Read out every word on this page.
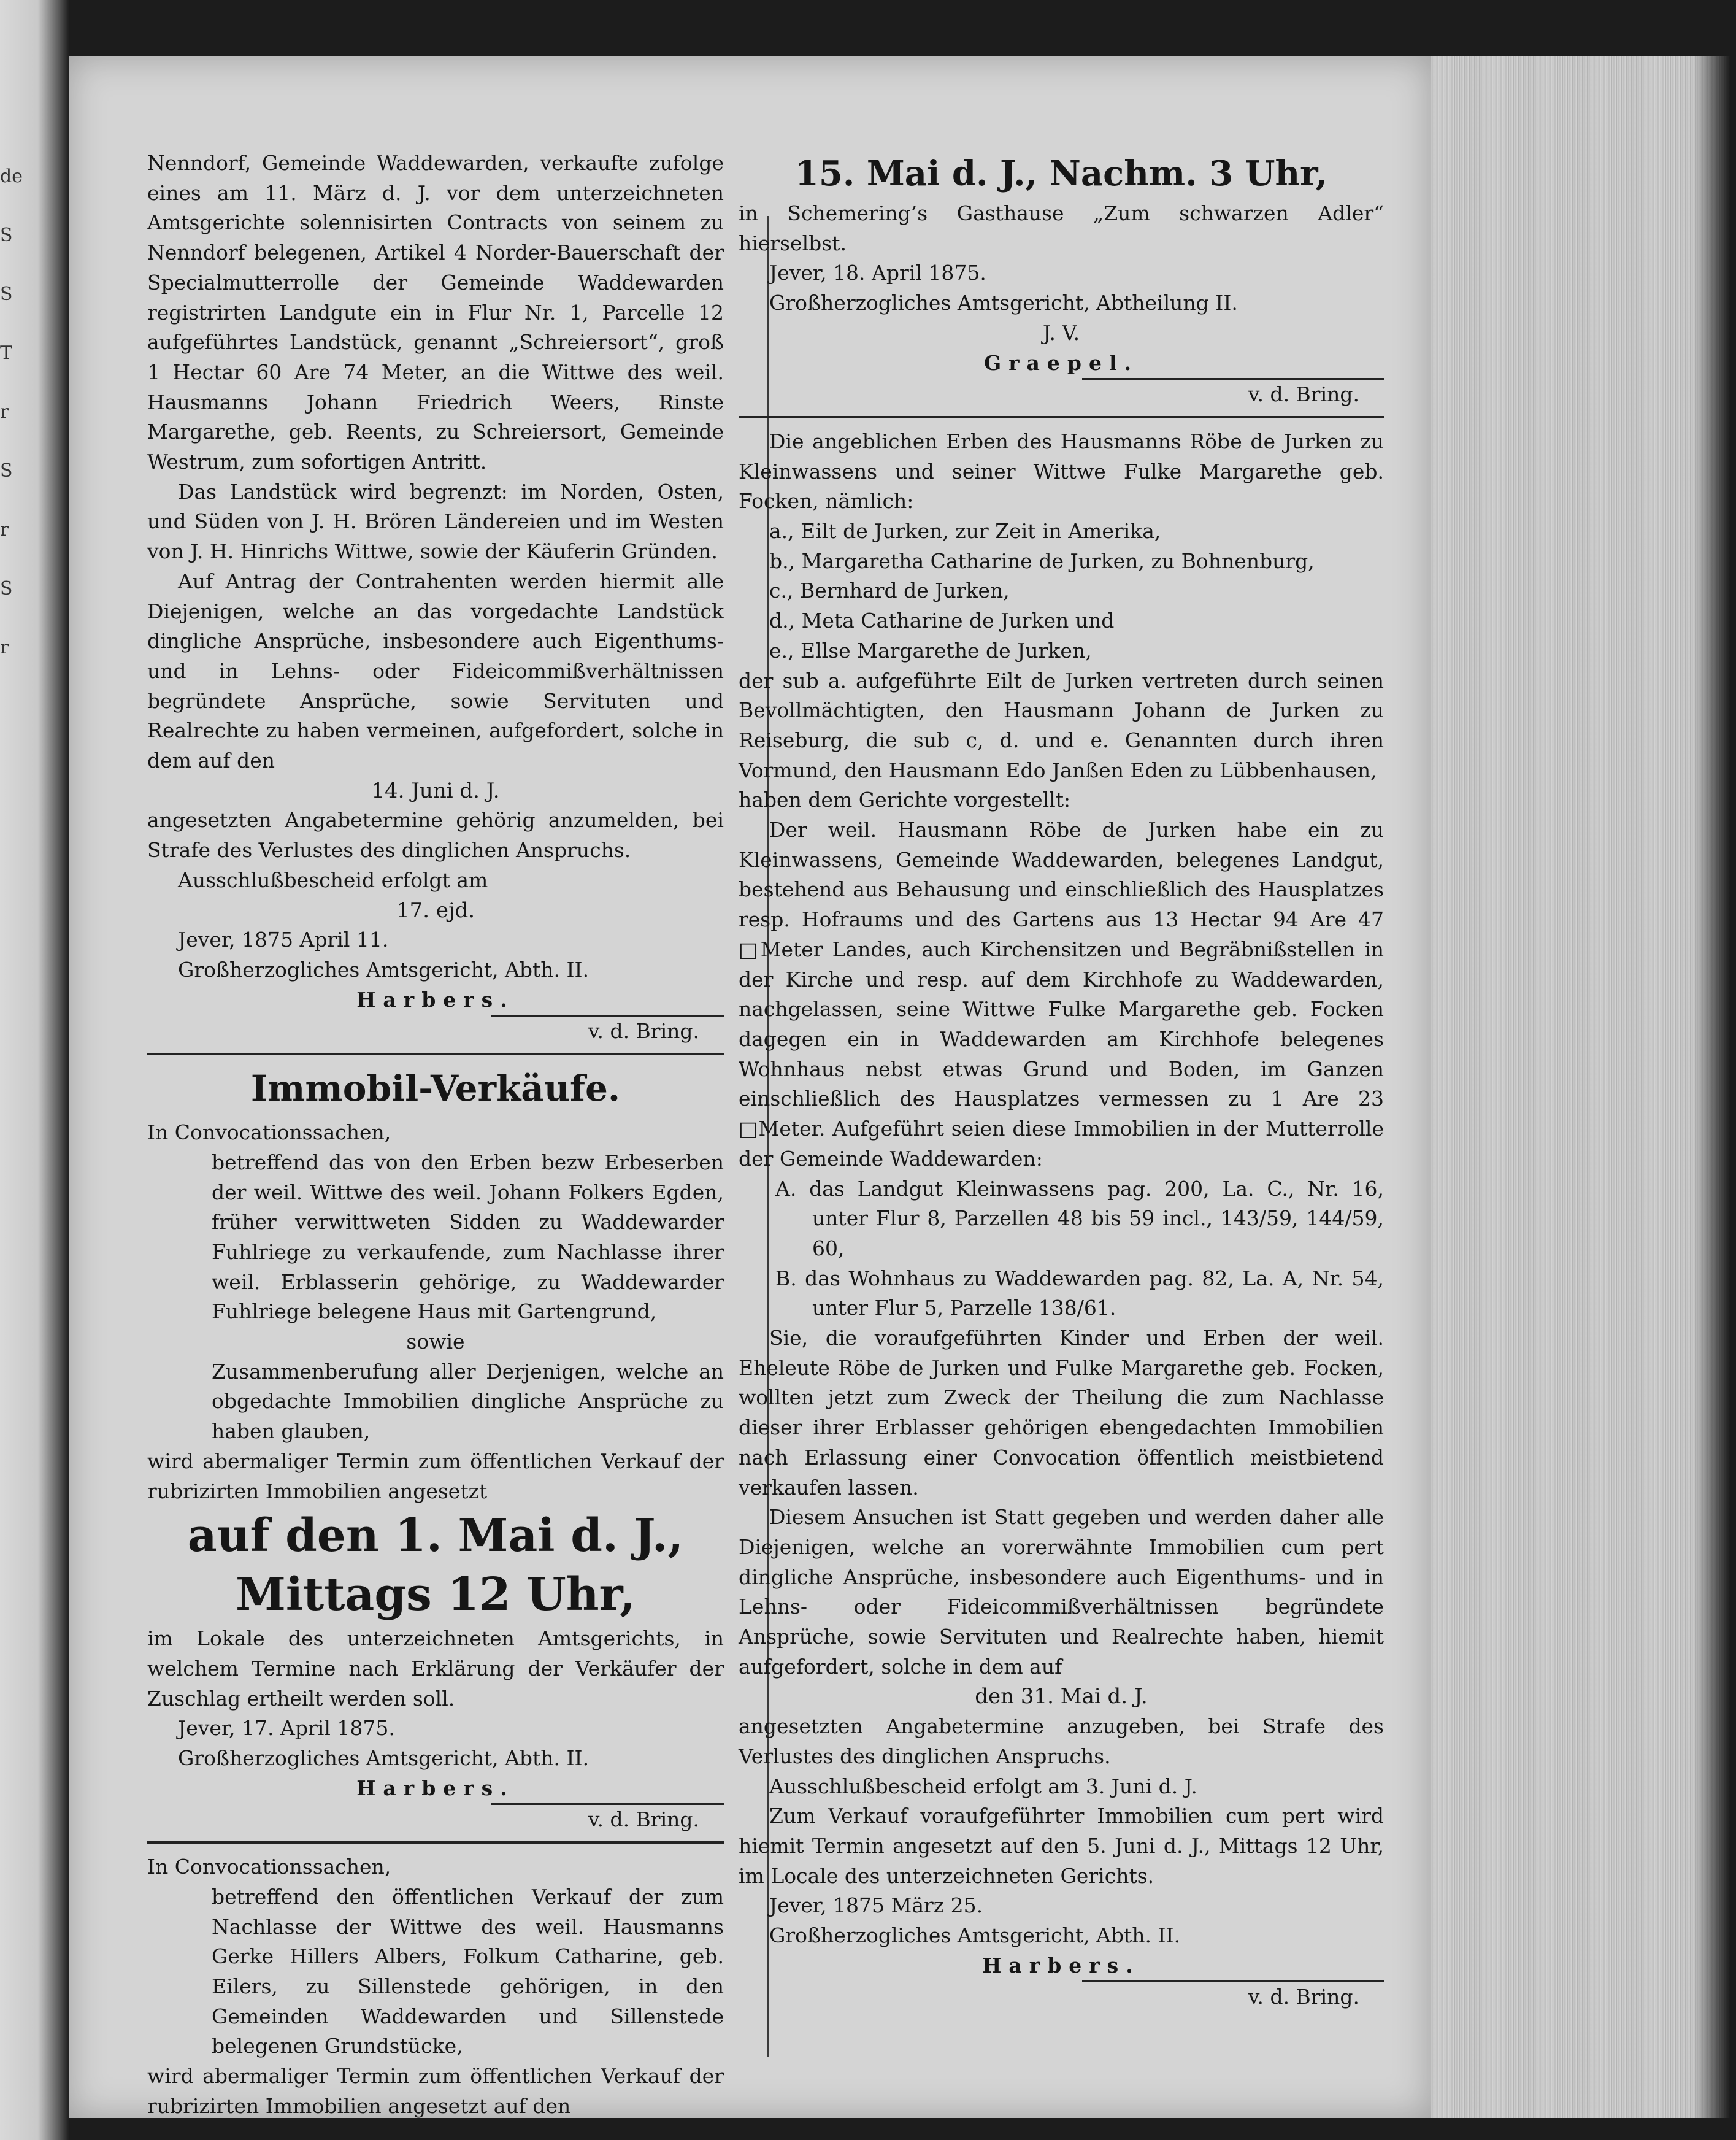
de
S
S
T
r
S
r
S
r

Nenndorf, Gemeinde Waddewarden, verkaufte zufolge eines am 11. März d. J. vor dem unterzeichneten Amtsgerichte solennisirten Contracts von seinem zu Nenndorf belegenen, Artikel 4 Norder-Bauerschaft der Specialmutterrolle der Gemeinde Waddewarden registrirten Landgute ein in Flur Nr. 1, Parcelle 12 aufgeführtes Landstück, genannt „Schreiersort“, groß 1 Hectar 60 Are 74 Meter, an die Wittwe des weil. Hausmanns Johann Friedrich Weers, Rinste Margarethe, geb. Reents, zu Schreiersort, Gemeinde Westrum, zum sofortigen Antritt.

Das Landstück wird begrenzt: im Norden, Osten, und Süden von J. H. Brören Ländereien und im Westen von J. H. Hinrichs Wittwe, sowie der Käuferin Gründen.

Auf Antrag der Contrahenten werden hiermit alle Diejenigen, welche an das vorgedachte Landstück dingliche Ansprüche, insbesondere auch Eigenthums- und in Lehns- oder Fideicommißverhältnissen begründete Ansprüche, sowie Servituten und Realrechte zu haben vermeinen, aufgefordert, solche in dem auf den

14. Juni d. J.

angesetzten Angabetermine gehörig anzumelden, bei Strafe des Verlustes des dinglichen Anspruchs.

Ausschlußbescheid erfolgt am

17. ejd.

Jever, 1875 April 11.

Großherzogliches Amtsgericht, Abth. II.

Harbers.

v. d. Bring.

Immobil-Verkäufe.

In Convocationssachen,

betreffend das von den Erben bezw Erbeserben der weil. Wittwe des weil. Johann Folkers Egden, früher verwittweten Sidden zu Waddewarder Fuhlriege zu verkaufende, zum Nachlasse ihrer weil. Erblasserin gehörige, zu Waddewarder Fuhlriege belegene Haus mit Gartengrund,

sowie

Zusammenberufung aller Derjenigen, welche an obgedachte Immobilien dingliche Ansprüche zu haben glauben,

wird abermaliger Termin zum öffentlichen Verkauf der rubrizirten Immobilien angesetzt

auf den 1. Mai d. J.,

Mittags 12 Uhr,

im Lokale des unterzeichneten Amtsgerichts, in welchem Termine nach Erklärung der Verkäufer der Zuschlag ertheilt werden soll.

Jever, 17. April 1875.

Großherzogliches Amtsgericht, Abth. II.

Harbers.

v. d. Bring.

In Convocationssachen,

betreffend den öffentlichen Verkauf der zum Nachlasse der Wittwe des weil. Hausmanns Gerke Hillers Albers, Folkum Catharine, geb. Eilers, zu Sillenstede gehörigen, in den Gemeinden Waddewarden und Sillenstede belegenen Grundstücke,

wird abermaliger Termin zum öffentlichen Verkauf der rubrizirten Immobilien angesetzt auf den

15. Mai d. J., Nachm. 3 Uhr,

in Schemering’s Gasthause „Zum schwarzen Adler“ hierselbst.

Jever, 18. April 1875.

Großherzogliches Amtsgericht, Abtheilung II.

J. V.

Graepel.

v. d. Bring.

Die angeblichen Erben des Hausmanns Röbe de Jurken zu Kleinwassens und seiner Wittwe Fulke Margarethe geb. Focken, nämlich:

a., Eilt de Jurken, zur Zeit in Amerika,

b., Margaretha Catharine de Jurken, zu Bohnenburg,

c., Bernhard de Jurken,

d., Meta Catharine de Jurken und

e., Ellse Margarethe de Jurken,

der sub a. aufgeführte Eilt de Jurken vertreten durch seinen Bevollmächtigten, den Hausmann Johann de Jurken zu Reiseburg, die sub c, d. und e. Genannten durch ihren Vormund, den Hausmann Edo Janßen Eden zu Lübbenhausen,

haben dem Gerichte vorgestellt:

Der weil. Hausmann Röbe de Jurken habe ein zu Kleinwassens, Gemeinde Waddewarden, belegenes Landgut, bestehend aus Behausung und einschließlich des Hausplatzes resp. Hofraums und des Gartens aus 13 Hectar 94 Are 47 □Meter Landes, auch Kirchensitzen und Begräbnißstellen in der Kirche und resp. auf dem Kirchhofe zu Waddewarden, nachgelassen, seine Wittwe Fulke Margarethe geb. Focken dagegen ein in Waddewarden am Kirchhofe belegenes Wohnhaus nebst etwas Grund und Boden, im Ganzen einschließlich des Hausplatzes vermessen zu 1 Are 23 □Meter. Aufgeführt seien diese Immobilien in der Mutterrolle der Gemeinde Waddewarden:

A. das Landgut Kleinwassens pag. 200, La. C., Nr. 16, unter Flur 8, Parzellen 48 bis 59 incl., 143/59, 144/59, 60,

B. das Wohnhaus zu Waddewarden pag. 82, La. A, Nr. 54, unter Flur 5, Parzelle 138/61.

Sie, die voraufgeführten Kinder und Erben der weil. Eheleute Röbe de Jurken und Fulke Margarethe geb. Focken, wollten jetzt zum Zweck der Theilung die zum Nachlasse dieser ihrer Erblasser gehörigen ebengedachten Immobilien nach Erlassung einer Convocation öffentlich meistbietend verkaufen lassen.

Diesem Ansuchen ist Statt gegeben und werden daher alle Diejenigen, welche an vorerwähnte Immobilien cum pert dingliche Ansprüche, insbesondere auch Eigenthums- und in Lehns- oder Fideicommißverhältnissen begründete Ansprüche, sowie Servituten und Realrechte haben, hiemit aufgefordert, solche in dem auf

den 31. Mai d. J.

angesetzten Angabetermine anzugeben, bei Strafe des Verlustes des dinglichen Anspruchs.

Ausschlußbescheid erfolgt am 3. Juni d. J.

Zum Verkauf voraufgeführter Immobilien cum pert wird hiemit Termin angesetzt auf den 5. Juni d. J., Mittags 12 Uhr, im Locale des unterzeichneten Gerichts.

Jever, 1875 März 25.

Großherzogliches Amtsgericht, Abth. II.

Harbers.

v. d. Bring.
